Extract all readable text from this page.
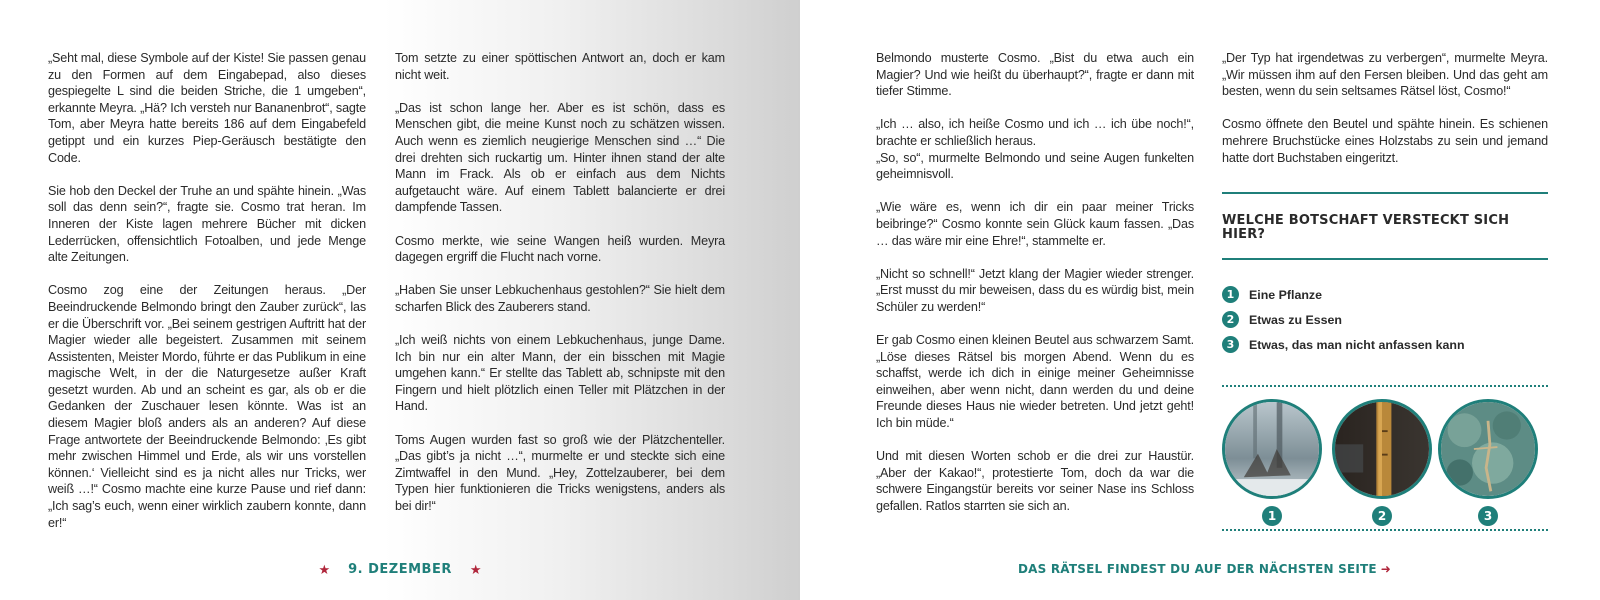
„Seht mal, diese Symbole auf der Kiste! Sie passen genau zu den Formen auf dem Eingabepad, also dieses gespiegelte L sind die beiden Striche, die 1 umgeben“, erkannte Meyra. „Hä? Ich versteh nur Bananenbrot“, sagte Tom, aber Meyra hatte bereits 186 auf dem Eingabefeld getippt und ein kurzes Piep-Geräusch bestätigte den Code.

Sie hob den Deckel der Truhe an und spähte hinein. „Was soll das denn sein?“, fragte sie. Cosmo trat heran. Im Inneren der Kiste lagen mehrere Bücher mit dicken Lederrücken, offensichtlich Fotoalben, und jede Menge alte Zeitungen.

Cosmo zog eine der Zeitungen heraus. „Der Beeindruckende Belmondo bringt den Zauber zurück“, las er die Überschrift vor. „Bei seinem gestrigen Auftritt hat der Magier wieder alle begeistert. Zusammen mit seinem Assistenten, Meister Mordo, führte er das Publikum in eine magische Welt, in der die Naturgesetze außer Kraft gesetzt wurden. Ab und an scheint es gar, als ob er die Gedanken der Zuschauer lesen könnte. Was ist an diesem Magier bloß anders als an anderen? Auf diese Frage antwortete der Beeindruckende Belmondo: ‚Es gibt mehr zwischen Himmel und Erde, als wir uns vorstellen können.‘ Vielleicht sind es ja nicht alles nur Tricks, wer weiß …!“ Cosmo machte eine kurze Pause und rief dann: „Ich sag’s euch, wenn einer wirklich zaubern konnte, dann er!“

Tom setzte zu einer spöttischen Antwort an, doch er kam nicht weit.

„Das ist schon lange her. Aber es ist schön, dass es Menschen gibt, die meine Kunst noch zu schätzen wissen. Auch wenn es ziemlich neugierige Menschen sind …“ Die drei drehten sich ruckartig um. Hinter ihnen stand der alte Mann im Frack. Als ob er einfach aus dem Nichts aufgetaucht wäre. Auf einem Tablett balancierte er drei dampfende Tassen.

Cosmo merkte, wie seine Wangen heiß wurden. Meyra dagegen ergriff die Flucht nach vorne.

„Haben Sie unser Lebkuchenhaus gestohlen?“ Sie hielt dem scharfen Blick des Zauberers stand.

„Ich weiß nichts von einem Lebkuchenhaus, junge Dame. Ich bin nur ein alter Mann, der ein bisschen mit Magie umgehen kann.“ Er stellte das Tablett ab, schnipste mit den Fingern und hielt plötzlich einen Teller mit Plätzchen in der Hand.

Toms Augen wurden fast so groß wie der Plätzchenteller. „Das gibt’s ja nicht …“, murmelte er und steckte sich eine Zimtwaffel in den Mund. „Hey, Zottelzauberer, bei dem Typen hier funktionieren die Tricks wenigstens, anders als bei dir!“

★ 9. DEZEMBER ★

Belmondo musterte Cosmo. „Bist du etwa auch ein Magier? Und wie heißt du überhaupt?“, fragte er dann mit tiefer Stimme.

„Ich … also, ich heiße Cosmo und ich … ich übe noch!“, brachte er schließlich heraus.

„So, so“, murmelte Belmondo und seine Augen funkelten geheimnisvoll.

„Wie wäre es, wenn ich dir ein paar meiner Tricks beibringe?“ Cosmo konnte sein Glück kaum fassen. „Das … das wäre mir eine Ehre!“, stammelte er.

„Nicht so schnell!“ Jetzt klang der Magier wieder strenger. „Erst musst du mir beweisen, dass du es würdig bist, mein Schüler zu werden!“

Er gab Cosmo einen kleinen Beutel aus schwarzem Samt. „Löse dieses Rätsel bis morgen Abend. Wenn du es schaffst, werde ich dich in einige meiner Geheimnisse einweihen, aber wenn nicht, dann werden du und deine Freunde dieses Haus nie wieder betreten. Und jetzt geht! Ich bin müde.“

Und mit diesen Worten schob er die drei zur Haustür. „Aber der Kakao!“, protestierte Tom, doch da war die schwere Eingangstür bereits vor seiner Nase ins Schloss gefallen. Ratlos starrten sie sich an.

„Der Typ hat irgendetwas zu verbergen“, murmelte Meyra. „Wir müssen ihm auf den Fersen bleiben. Und das geht am besten, wenn du sein seltsames Rätsel löst, Cosmo!“

Cosmo öffnete den Beutel und spähte hinein. Es schienen mehrere Bruchstücke eines Holzstabs zu sein und jemand hatte dort Buchstaben eingeritzt.

WELCHE BOTSCHAFT VERSTECKT SICH HIER?
1	Eine Pflanze
2	Etwas zu Essen
3	Etwas, das man nicht anfassen kann
1	2	3
DAS RÄTSEL FINDEST DU AUF DER NÄCHSTEN SEITE ➜
